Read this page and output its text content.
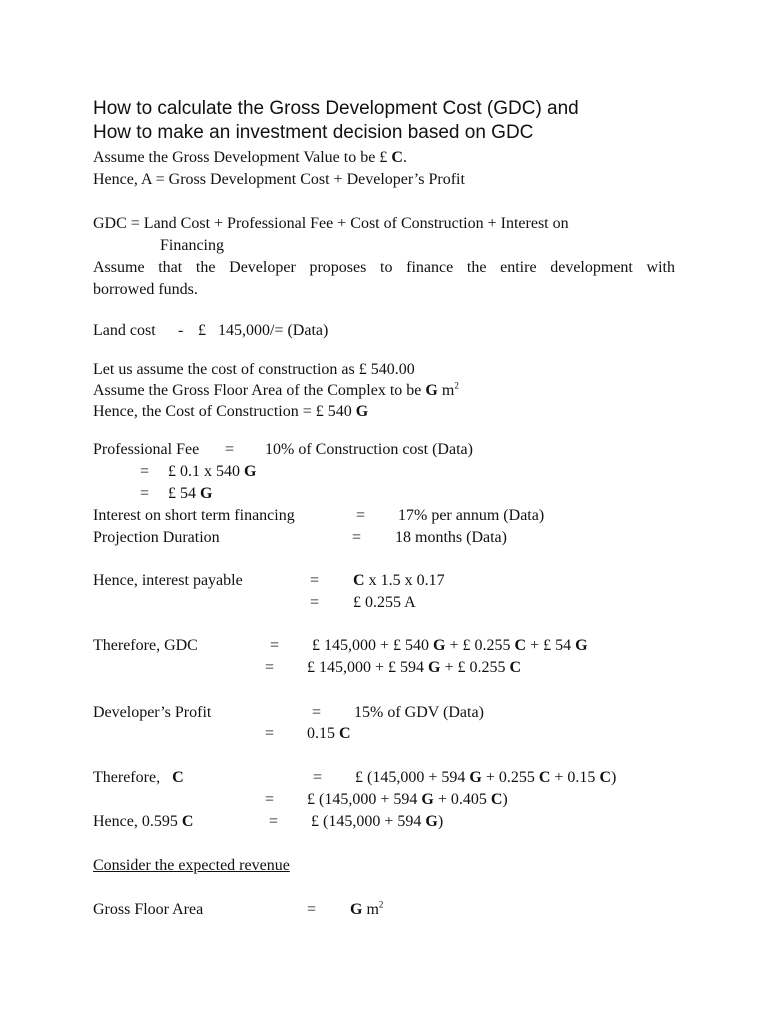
How to calculate the Gross Development Cost (GDC) and
How to make an investment decision based on GDC
Assume the Gross Development Value to be £ C.
Hence, A = Gross Development Cost + Developer’s Profit
GDC = Land Cost + Professional Fee + Cost of Construction + Interest on
Financing
Assume that the Developer proposes to finance the entire development with
borrowed funds.
Land cost - £   145,000/= (Data)
Let us assume the cost of construction as £ 540.00
Assume the Gross Floor Area of the Complex to be G $m^2$
Hence, the Cost of Construction = £ 540 G
Professional Fee = 10% of Construction cost (Data)
= £ 0.1 x 540 G
= £ 54 G
Interest on short term financing	= 17% per annum (Data)
Projection Duration	= 18 months (Data)
Hence, interest payable	= C x 1.5 x 0.17
= £ 0.255 A
Therefore, GDC	= £ 145,000 + £ 540 G + £ 0.255 C + £ 54 G
= £ 145,000 + £ 594 G + £ 0.255 C
Developer’s Profit	= 15% of GDV (Data)
= 0.15 C
Therefore,   C	= £ (145,000 + 594 G + 0.255 C + 0.15 C)
= £ (145,000 + 594 G + 0.405 C)
Hence, 0.595 C	= £ (145,000 + 594 G)
Consider the expected revenue
Gross Floor Area	= G $m^2$
